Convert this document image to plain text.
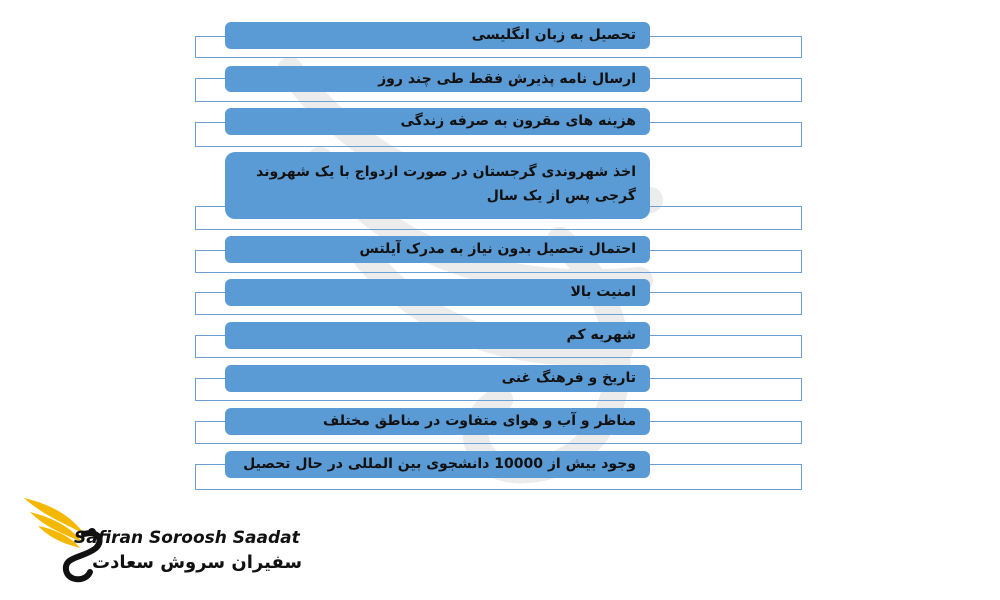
تحصیل به زبان انگلیسی
ارسال نامه پذیرش فقط طی چند روز
هزینه های مقرون به صرفه زندگی
اخذ شهروندی گرجستان در صورت ازدواج با یک شهروند گرجی پس از یک سال
احتمال تحصیل بدون نیاز به مدرک آیلتس
امنیت بالا
شهریه کم
تاریخ و فرهنگ غنی
مناظر و آب و هوای متفاوت در مناطق مختلف
وجود بیش از 10000 دانشجوی بین المللی در حال تحصیل
Safiran Soroosh Saadat
سفیران سروش سعادت
